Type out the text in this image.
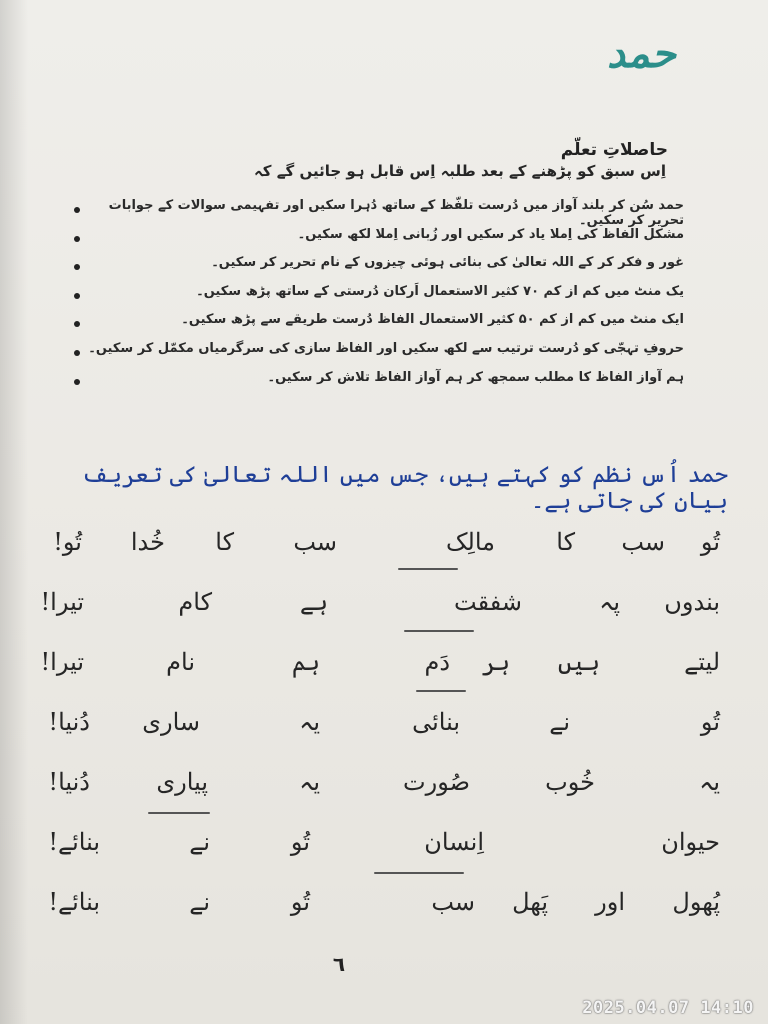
حمد
حاصلاتِ تعلّم
اِس سبق کو پڑھنے کے بعد طلبہ اِس قابل ہو جائیں گے کہ
حمد سُن کر بلند آواز میں دُرست تلفّظ کے ساتھ دُہرا سکیں اور تفہیمی سوالات کے جوابات تحریر کر سکیں۔
مشکل الفاظ کی اِملا یاد کر سکیں اور زُبانی اِملا لکھ سکیں۔
غور و فکر کر کے اللہ تعالیٰ کی بنائی ہوئی چیزوں کے نام تحریر کر سکیں۔
یک منٹ میں کم از کم ۷۰ کثیر الاستعمال اَرکان دُرستی کے ساتھ پڑھ سکیں۔
ایک منٹ میں کم از کم ۵۰ کثیر الاستعمال الفاظ دُرست طریقے سے پڑھ سکیں۔
حروفِ تہجّی کو دُرست ترتیب سے لکھ سکیں اور الفاظ سازی کی سرگرمیاں مکمّل کر سکیں۔
ہم آواز الفاظ کا مطلب سمجھ کر ہم آواز الفاظ تلاش کر سکیں۔
حمد اُس نظم کو کہتے ہیں، جس میں اللہ تعالیٰ کی تعریف بیان کی جاتی ہے۔
تُو
سب
کا
مالِک
سب
کا
خُدا
تُو!
بندوں
پہ
شفقت
ہے
کام
تیرا!
لیتے
ہیں
ہر
دَم
ہم
نام
تیرا!
تُو
نے
بنائی
یہ
ساری
دُنیا!
یہ
خُوب
صُورت
یہ
پیاری
دُنیا!
حیوان
اِنسان
تُو
نے
بنائے!
پُھول
اور
پَھل
سب
تُو
نے
بنائے!
٦
2025.04.07 14:10
